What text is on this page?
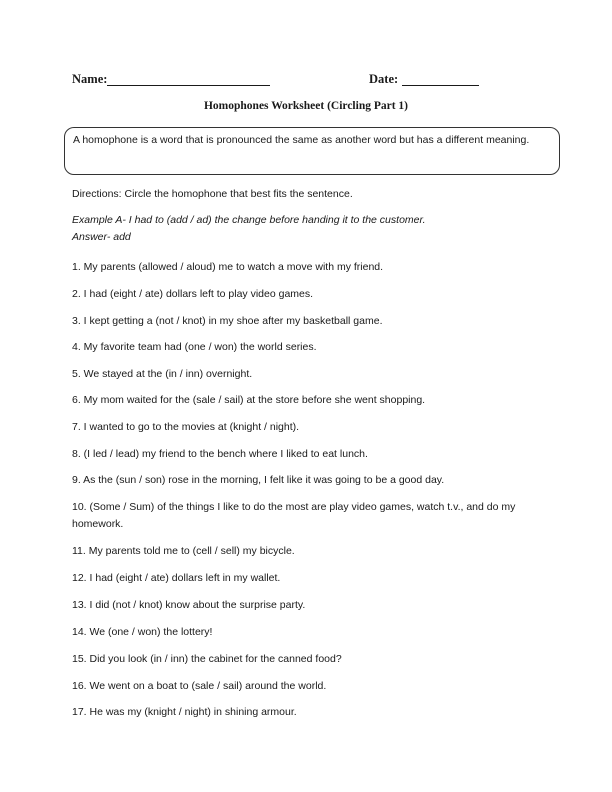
Name:	Date:
Homophones Worksheet (Circling Part 1)
A homophone is a word that is pronounced the same as another word but has a different meaning.
Directions: Circle the homophone that best fits the sentence.
Example A- I had to (add / ad) the change before handing it to the customer.
Answer- add
1. My parents (allowed / aloud) me to watch a move with my friend.
2. I had (eight / ate) dollars left to play video games.
3. I kept getting a (not / knot) in my shoe after my basketball game.
4. My favorite team had (one / won) the world series.
5. We stayed at the (in / inn) overnight.
6. My mom waited for the (sale / sail) at the store before she went shopping.
7. I wanted to go to the movies at (knight / night).
8. (I led / lead) my friend to the bench where I liked to eat lunch.
9. As the (sun / son) rose in the morning, I felt like it was going to be a good day.
10. (Some / Sum) of the things I like to do the most are play video games, watch t.v., and do my homework.
11. My parents told me to (cell / sell) my bicycle.
12. I had (eight / ate) dollars left in my wallet.
13. I did (not / knot) know about the surprise party.
14. We (one / won) the lottery!
15. Did you look (in / inn) the cabinet for the canned food?
16. We went on a boat to (sale / sail) around the world.
17. He was my (knight / night) in shining armour.
